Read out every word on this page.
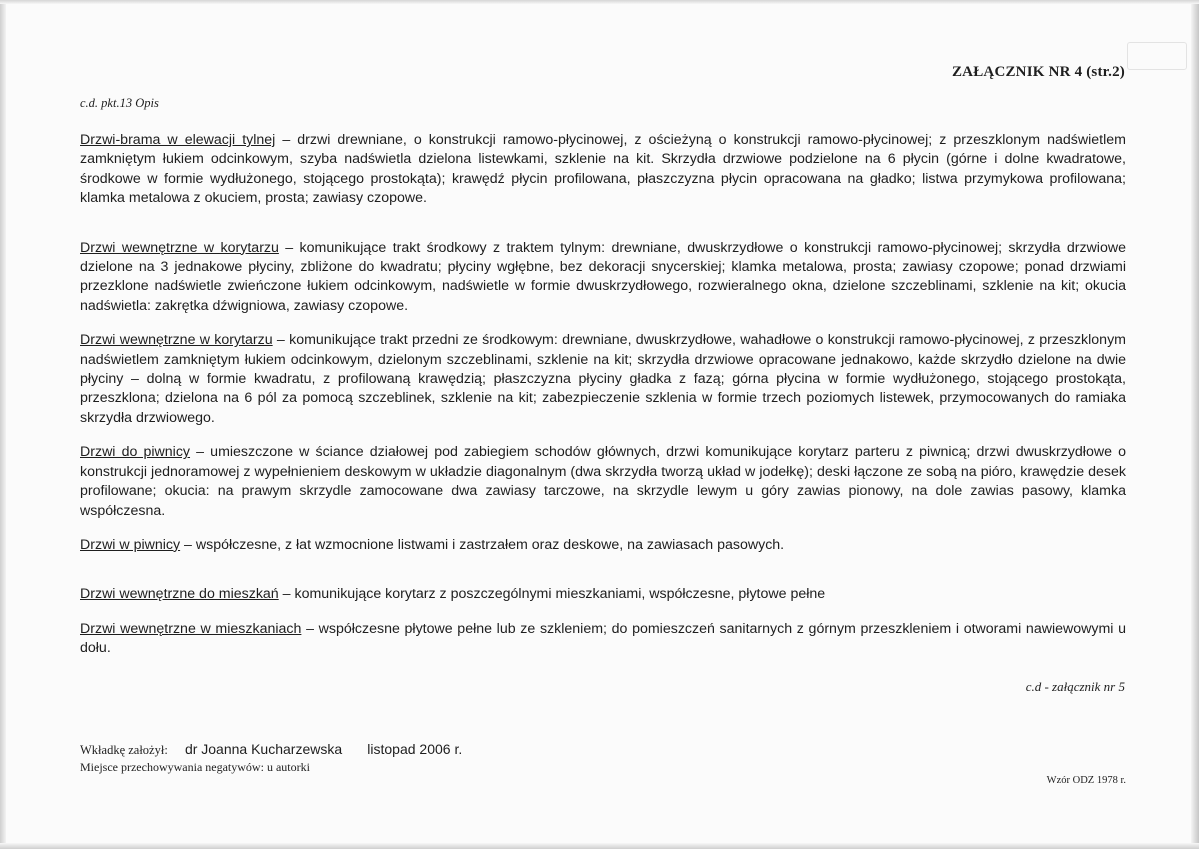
ZAŁĄCZNIK NR 4 (str.2)
c.d. pkt.13 Opis

Drzwi-brama w elewacji tylnej – drzwi drewniane, o konstrukcji ramowo-płycinowej, z ościeżyną o konstrukcji ramowo-płycinowej; z przeszklonym nadświetlem zamkniętym łukiem odcinkowym, szyba nadświetla dzielona listewkami, szklenie na kit. Skrzydła drzwiowe podzielone na 6 płycin (górne i dolne kwadratowe, środkowe w formie wydłużonego, stojącego prostokąta); krawędź płycin profilowana, płaszczyzna płycin opracowana na gładko; listwa przymykowa profilowana; klamka metalowa z okuciem, prosta; zawiasy czopowe.

Drzwi wewnętrzne w korytarzu – komunikujące trakt środkowy z traktem tylnym: drewniane, dwuskrzydłowe o konstrukcji ramowo-płycinowej; skrzydła drzwiowe dzielone na 3 jednakowe płyciny, zbliżone do kwadratu; płyciny wgłębne, bez dekoracji snycerskiej; klamka metalowa, prosta; zawiasy czopowe; ponad drzwiami przezklone nadświetle zwieńczone łukiem odcinkowym, nadświetle w formie dwuskrzydłowego, rozwieralnego okna, dzielone szczeblinami, szklenie na kit; okucia nadświetla: zakrętka dźwigniowa, zawiasy czopowe.

Drzwi wewnętrzne w korytarzu – komunikujące trakt przedni ze środkowym: drewniane, dwuskrzydłowe, wahadłowe o konstrukcji ramowo-płycinowej, z przeszklonym nadświetlem zamkniętym łukiem odcinkowym, dzielonym szczeblinami, szklenie na kit; skrzydła drzwiowe opracowane jednakowo, każde skrzydło dzielone na dwie płyciny – dolną w formie kwadratu, z profilowaną krawędzią; płaszczyzna płyciny gładka z fazą; górna płycina w formie wydłużonego, stojącego prostokąta, przeszklona; dzielona na 6 pól za pomocą szczeblinek, szklenie na kit; zabezpieczenie szklenia w formie trzech poziomych listewek, przymocowanych do ramiaka skrzydła drzwiowego.

Drzwi do piwnicy – umieszczone w ściance działowej pod zabiegiem schodów głównych, drzwi komunikujące korytarz parteru z piwnicą; drzwi dwuskrzydłowe o konstrukcji jednoramowej z wypełnieniem deskowym w układzie diagonalnym (dwa skrzydła tworzą układ w jodełkę); deski łączone ze sobą na pióro, krawędzie desek profilowane; okucia: na prawym skrzydle zamocowane dwa zawiasy tarczowe, na skrzydle lewym u góry zawias pionowy, na dole zawias pasowy, klamka współczesna.

Drzwi w piwnicy – współczesne, z łat wzmocnione listwami i zastrzałem oraz deskowe, na zawiasach pasowych.

Drzwi wewnętrzne do mieszkań – komunikujące korytarz z poszczególnymi mieszkaniami, współczesne, płytowe pełne

Drzwi wewnętrzne w mieszkaniach – współczesne płytowe pełne lub ze szkleniem; do pomieszczeń sanitarnych z górnym przeszkleniem i otworami nawiewowymi u dołu.

c.d - załącznik nr 5
Wkładkę założył: dr Joanna Kucharzewska listopad 2006 r.
Miejsce przechowywania negatywów: u autorki
Wzór ODZ 1978 r.
